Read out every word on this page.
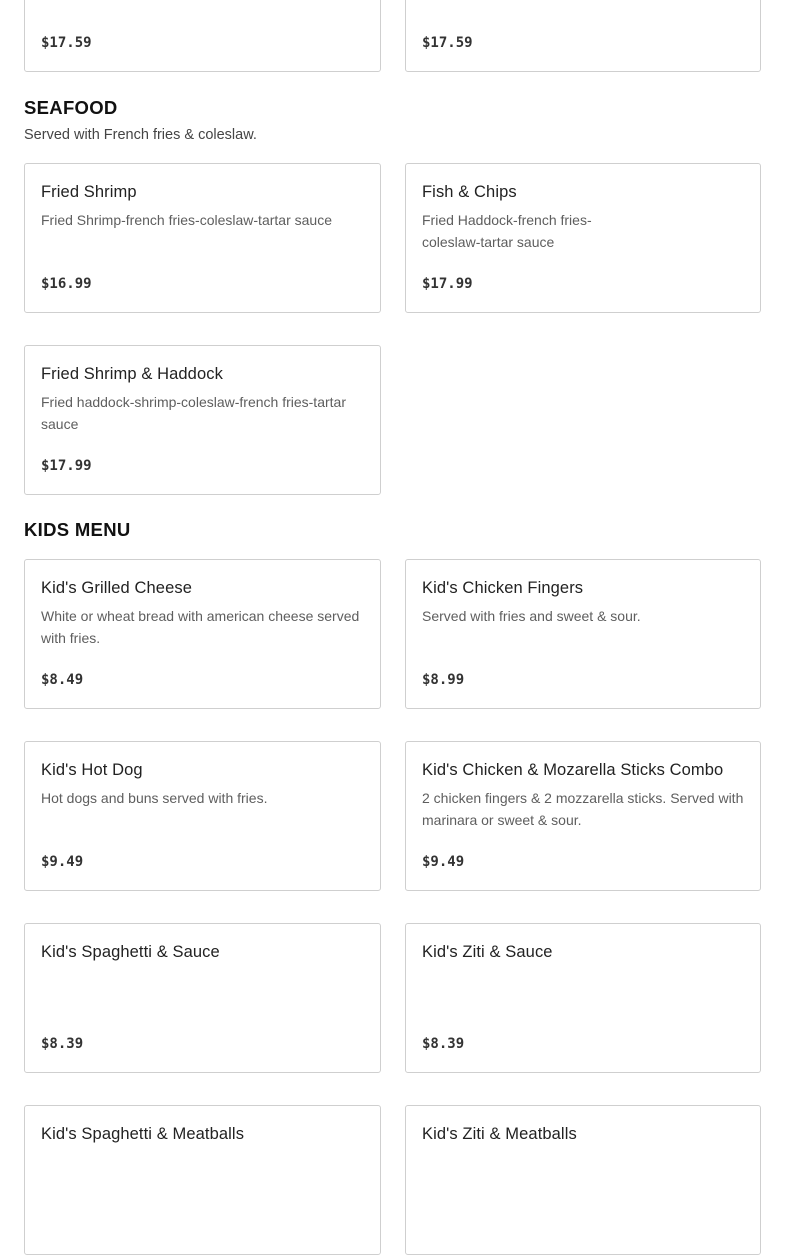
$17.59	$17.59
SEAFOOD
Served with French fries & coleslaw.
Fried Shrimp
Fried Shrimp-french fries-coleslaw-tartar sauce
$16.99
Fish & Chips
Fried Haddock-french fries-coleslaw-tartar sauce
$17.99
Fried Shrimp & Haddock
Fried haddock-shrimp-coleslaw-french fries-tartar sauce
$17.99
KIDS MENU
Kid's Grilled Cheese
White or wheat bread with american cheese served with fries.
$8.49
Kid's Chicken Fingers
Served with fries and sweet & sour.
$8.99
Kid's Hot Dog
Hot dogs and buns served with fries.
$9.49
Kid's Chicken & Mozarella Sticks Combo
2 chicken fingers & 2 mozzarella sticks. Served with marinara or sweet & sour.
$9.49
Kid's Spaghetti & Sauce
$8.39
Kid's Ziti & Sauce
$8.39
Kid's Spaghetti & Meatballs	Kid's Ziti & Meatballs
